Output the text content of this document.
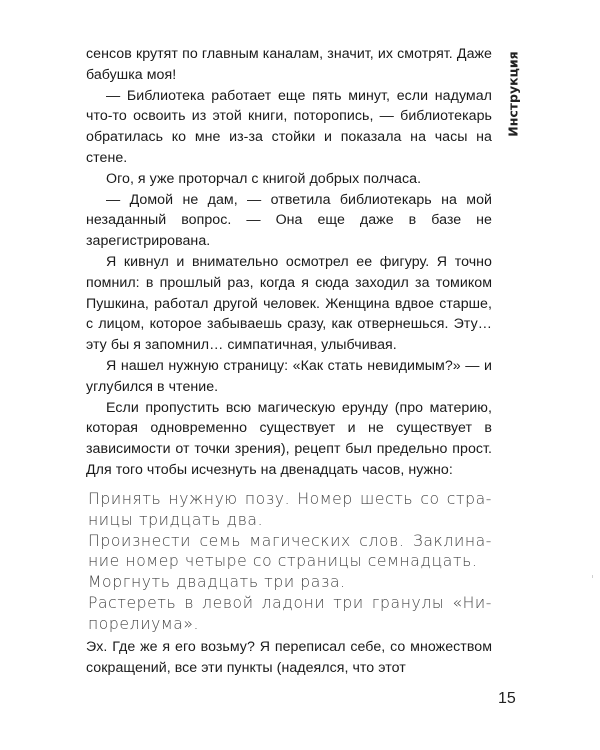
сенсов крутят по главным каналам, значит, их смотрят. Даже бабушка моя!

— Библиотека работает еще пять минут, если надумал что-то освоить из этой книги, поторопись, — библиотекарь обратилась ко мне из-за стойки и показала на часы на стене.

Ого, я уже проторчал с книгой добрых полчаса.

— Домой не дам, — ответила библиотекарь на мой незаданный вопрос. — Она еще даже в базе не зарегистрирована.

Я кивнул и внимательно осмотрел ее фигуру. Я точно помнил: в прошлый раз, когда я сюда заходил за томиком Пушкина, работал другой человек. Женщина вдвое старше, с лицом, которое забываешь сразу, как отвернешься. Эту… эту бы я запомнил… симпатичная, улыбчивая.

Я нашел нужную страницу: «Как стать невидимым?» — и углубился в чтение.

Если пропустить всю магическую ерунду (про материю, которая одновременно существует и не существует в зависимости от точки зрения), рецепт был предельно прост. Для того чтобы исчезнуть на двенадцать часов, нужно:

Принять нужную позу. Номер шесть со стра-

ницы тридцать два.

Произнести семь магических слов. Заклина-

ние номер четыре со страницы семнадцать.

Моргнуть двадцать три раза.

Растереть в левой ладони три гранулы «Ни-

порелиума».

Эх. Где же я его возьму? Я переписал себе, со множеством сокращений, все эти пункты (надеялся, что этот

Инструкция
15
